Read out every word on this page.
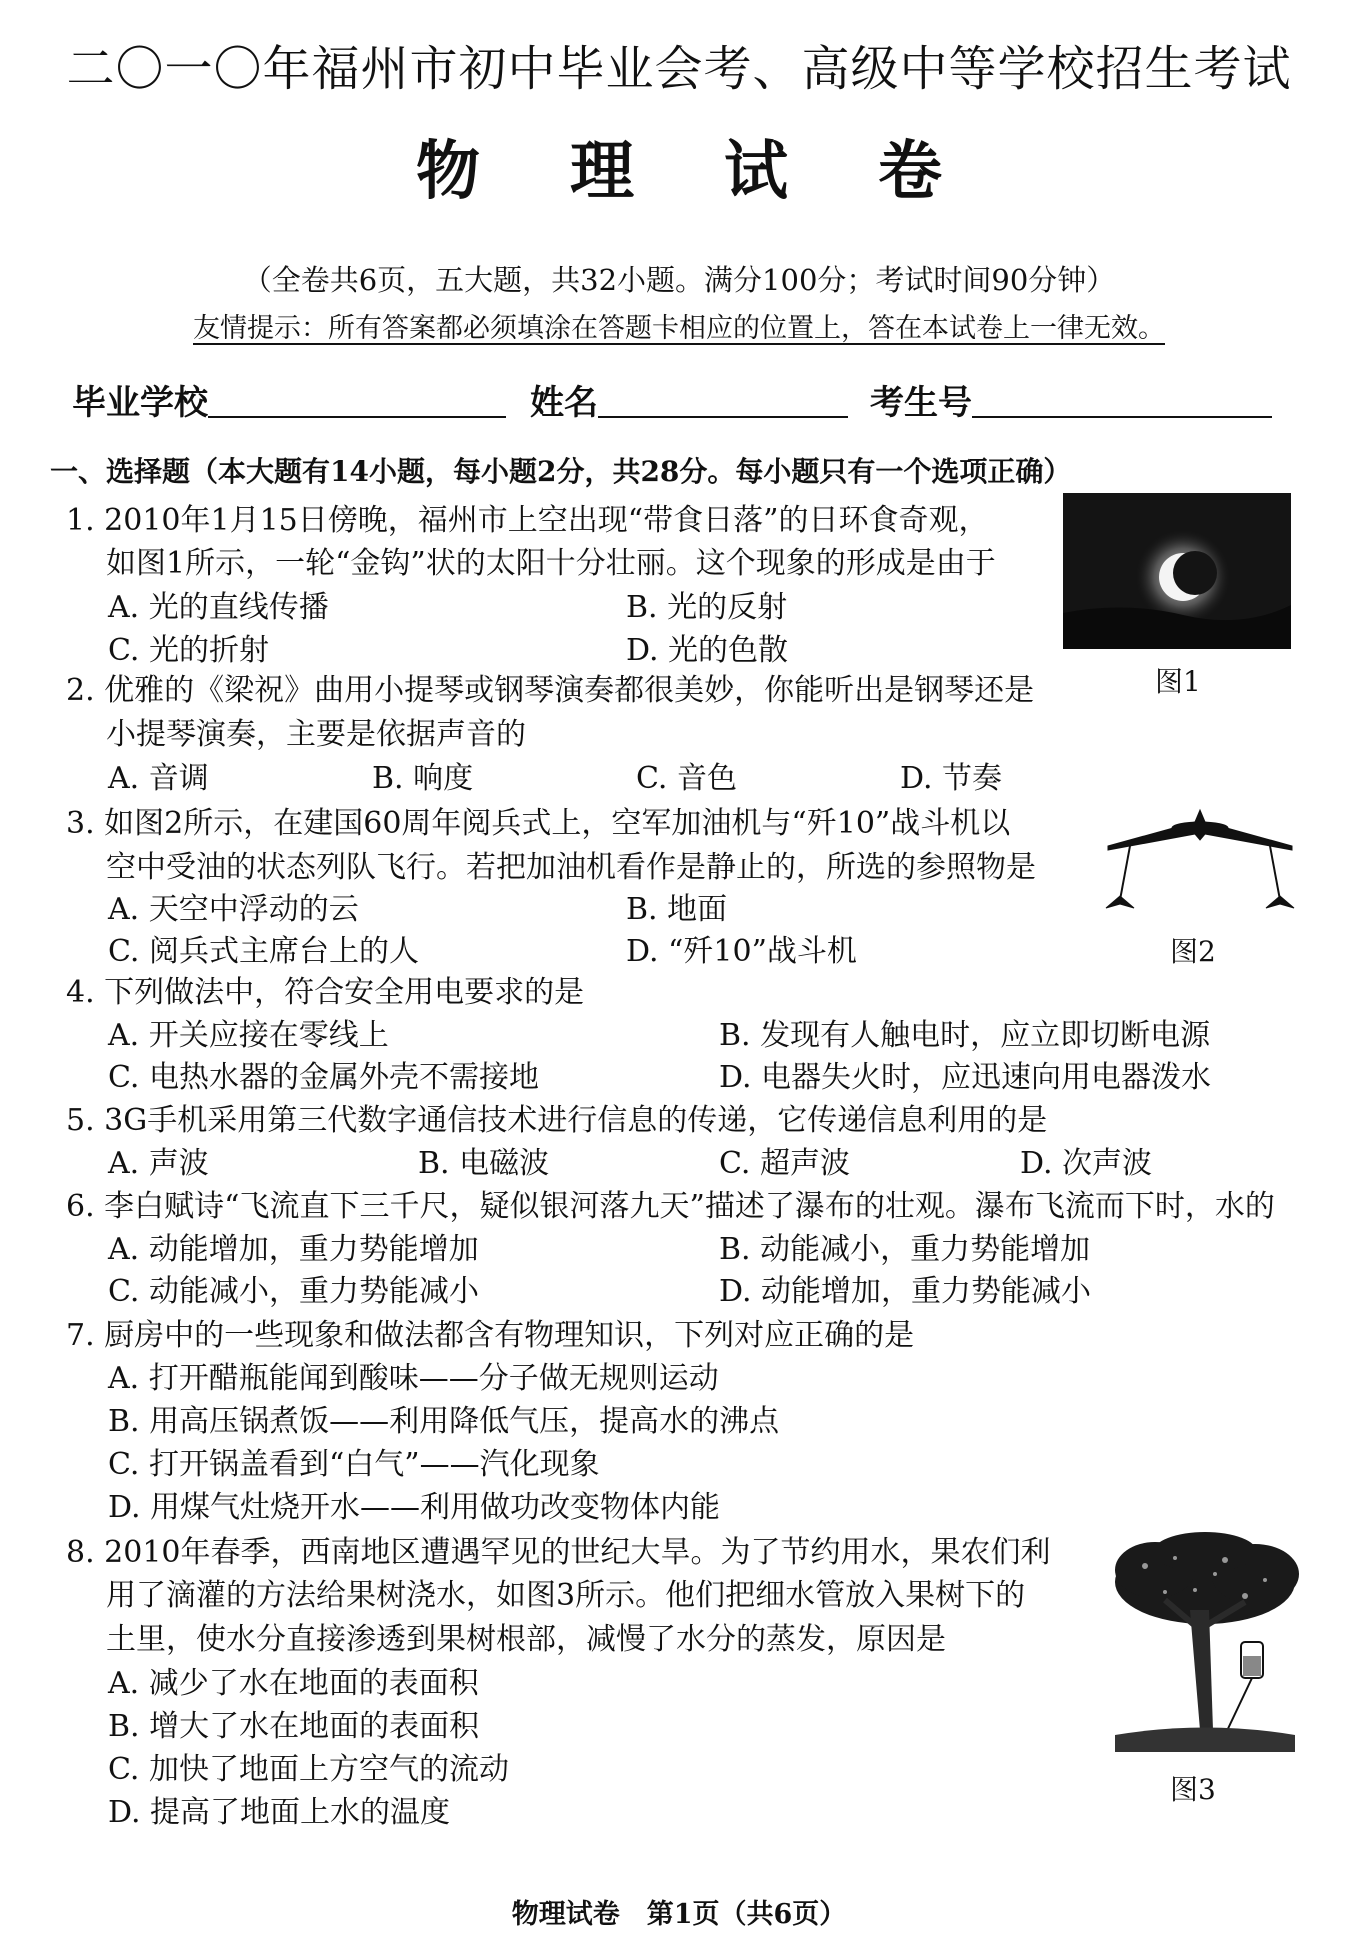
二〇一〇年福州市初中毕业会考、高级中等学校招生考试
物理试卷
（全卷共6页，五大题，共32小题。满分100分；考试时间90分钟）
友情提示：所有答案都必须填涂在答题卡相应的位置上，答在本试卷上一律无效。
毕业学校	姓名	考生号
一、选择题（本大题有14小题，每小题2分，共28分。每小题只有一个选项正确）
1. 2010年1月15日傍晚，福州市上空出现“带食日落”的日环食奇观，
如图1所示，一轮“金钩”状的太阳十分壮丽。这个现象的形成是由于
A. 光的直线传播	B. 光的反射
C. 光的折射	D. 光的色散
图1
2. 优雅的《梁祝》曲用小提琴或钢琴演奏都很美妙，你能听出是钢琴还是
小提琴演奏，主要是依据声音的
A. 音调	B. 响度	C. 音色	D. 节奏
3. 如图2所示，在建国60周年阅兵式上，空军加油机与“歼10”战斗机以
空中受油的状态列队飞行。若把加油机看作是静止的，所选的参照物是
A. 天空中浮动的云	B. 地面
C. 阅兵式主席台上的人	D. “歼10”战斗机	图2
4. 下列做法中，符合安全用电要求的是
A. 开关应接在零线上	B. 发现有人触电时，应立即切断电源
C. 电热水器的金属外壳不需接地	D. 电器失火时，应迅速向用电器泼水
5. 3G手机采用第三代数字通信技术进行信息的传递，它传递信息利用的是
A. 声波	B. 电磁波	C. 超声波	D. 次声波
6. 李白赋诗“飞流直下三千尺，疑似银河落九天”描述了瀑布的壮观。瀑布飞流而下时，水的
A. 动能增加，重力势能增加	B. 动能减小，重力势能增加
C. 动能减小，重力势能减小	D. 动能增加，重力势能减小
7. 厨房中的一些现象和做法都含有物理知识，下列对应正确的是
A. 打开醋瓶能闻到酸味——分子做无规则运动
B. 用高压锅煮饭——利用降低气压，提高水的沸点
C. 打开锅盖看到“白气”——汽化现象
D. 用煤气灶烧开水——利用做功改变物体内能
8. 2010年春季，西南地区遭遇罕见的世纪大旱。为了节约用水，果农们利
用了滴灌的方法给果树浇水，如图3所示。他们把细水管放入果树下的
土里，使水分直接渗透到果树根部，减慢了水分的蒸发，原因是
A. 减少了水在地面的表面积
B. 增大了水在地面的表面积
C. 加快了地面上方空气的流动
D. 提高了地面上水的温度
图3
物理试卷　第1页（共6页）
